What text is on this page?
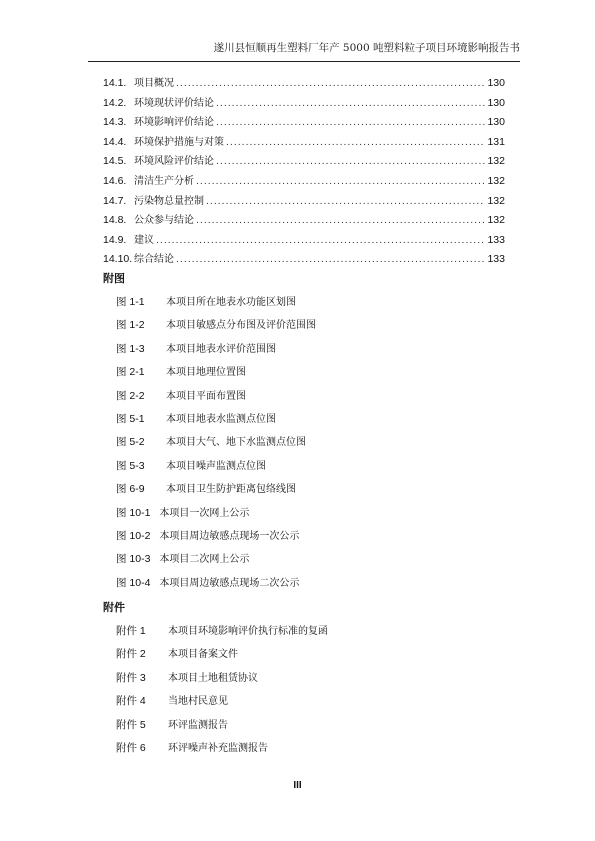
遂川县恒顺再生塑料厂年产 5000 吨塑料粒子项目环境影响报告书
14.1. 项目概况 .....	130
14.2. 环境现状评价结论 .....	130
14.3. 环境影响评价结论 .....	130
14.4. 环境保护措施与对策 .....	131
14.5. 环境风险评价结论 .....	132
14.6. 清洁生产分析 .....	132
14.7. 污染物总量控制 .....	132
14.8. 公众参与结论 .....	132
14.9. 建议 .....	133
14.10. 综合结论 .....	133
附图
图 1-1 本项目所在地表水功能区划图
图 1-2 本项目敏感点分布图及评价范围图
图 1-3 本项目地表水评价范围图
图 2-1 本项目地理位置图
图 2-2 本项目平面布置图
图 5-1 本项目地表水监测点位图
图 5-2 本项目大气、地下水监测点位图
图 5-3 本项目噪声监测点位图
图 6-9 本项目卫生防护距离包络线图
图 10-1 本项目一次网上公示
图 10-2 本项目周边敏感点现场一次公示
图 10-3 本项目二次网上公示
图 10-4 本项目周边敏感点现场二次公示
附件
附件 1 本项目环境影响评价执行标准的复函
附件 2 本项目备案文件
附件 3 本项目土地租赁协议
附件 4 当地村民意见
附件 5 环评监测报告
附件 6 环评噪声补充监测报告
III
